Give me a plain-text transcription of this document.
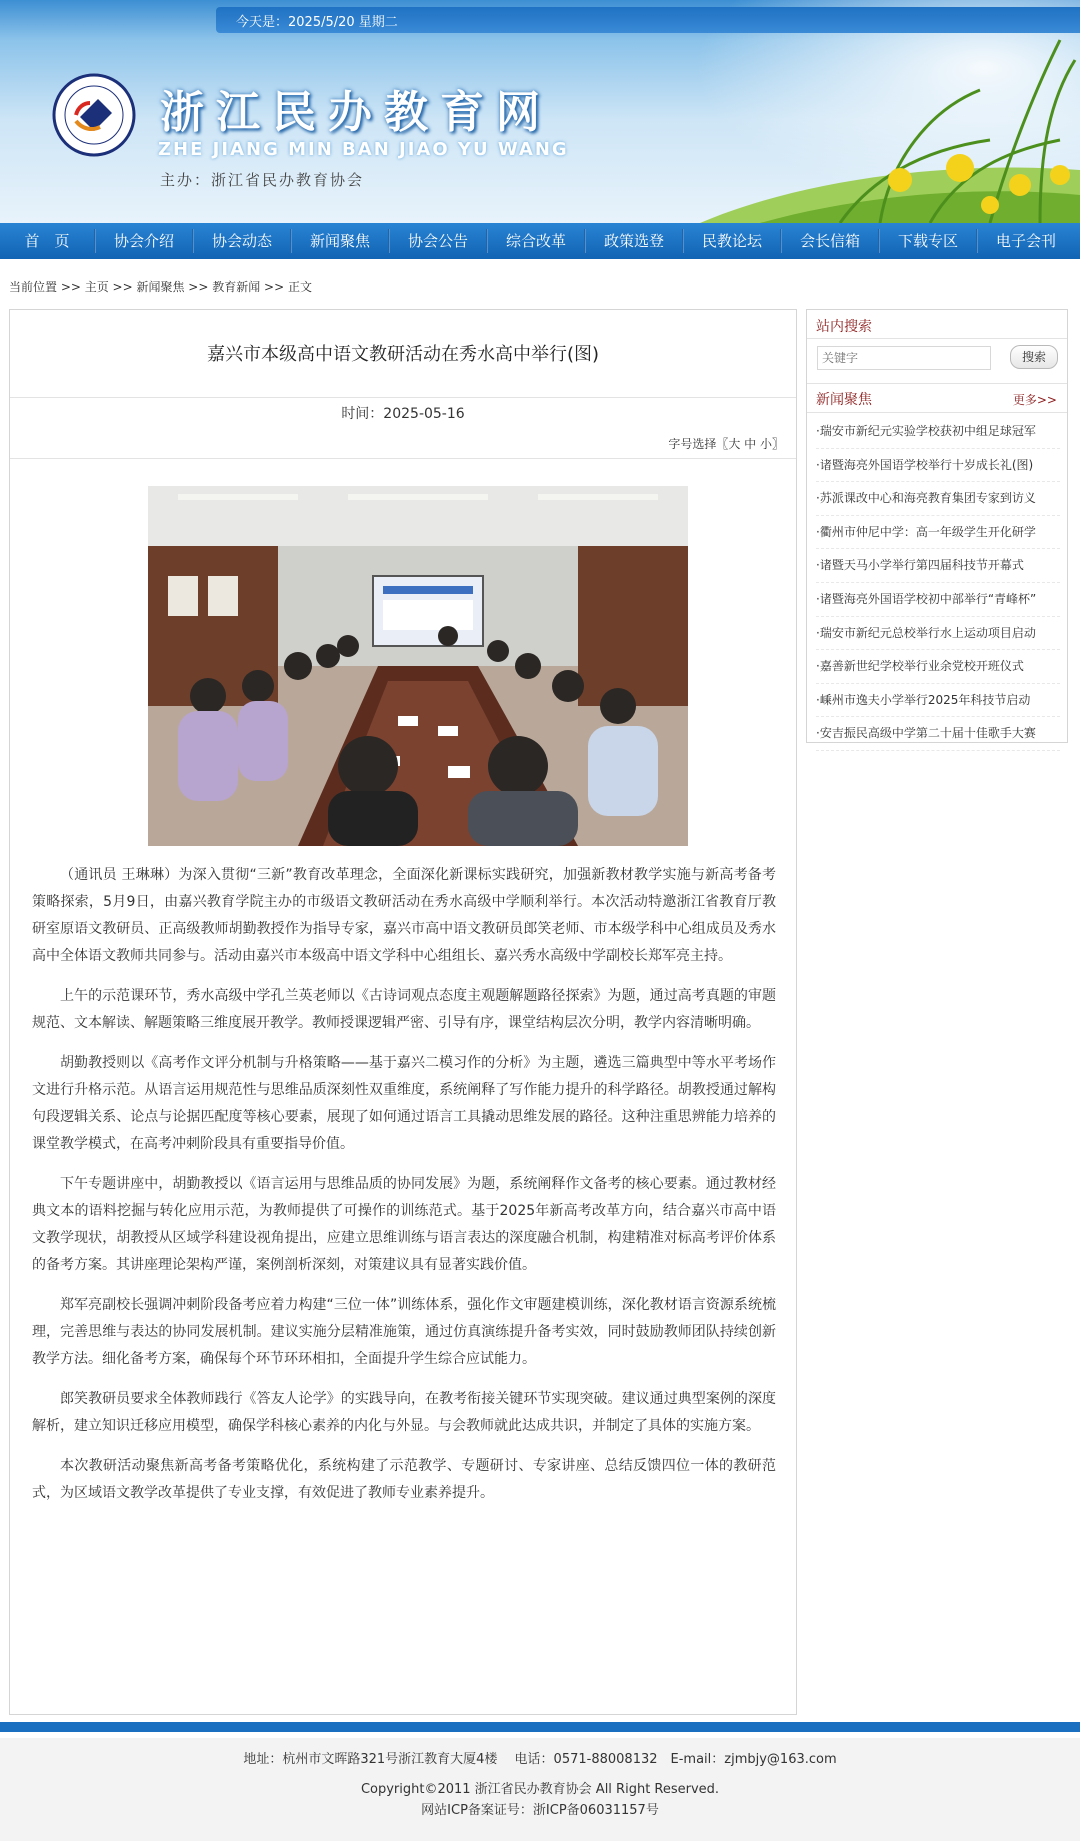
今天是：2025/5/20 星期二
浙江民办教育网
ZHE JIANG MIN BAN JIAO YU WANG
主办：浙江省民办教育协会
首　页	协会介绍	协会动态	新闻聚焦	协会公告	综合改革	政策选登	民教论坛	会长信箱	下载专区	电子会刊
当前位置 >> 主页 >> 新闻聚焦 >> 教育新闻 >> 正文
嘉兴市本级高中语文教研活动在秀水高中举行(图)
时间：2025-05-16
字号选择〖大 中 小〗

（通讯员 王琳琳）为深入贯彻“三新”教育改革理念，全面深化新课标实践研究，加强新教材教学实施与新高考备考策略探索，5月9日，由嘉兴教育学院主办的市级语文教研活动在秀水高级中学顺利举行。本次活动特邀浙江省教育厅教研室原语文教研员、正高级教师胡勤教授作为指导专家，嘉兴市高中语文教研员郎笑老师、市本级学科中心组成员及秀水高中全体语文教师共同参与。活动由嘉兴市本级高中语文学科中心组组长、嘉兴秀水高级中学副校长郑军亮主持。

上午的示范课环节，秀水高级中学孔兰英老师以《古诗词观点态度主观题解题路径探索》为题，通过高考真题的审题规范、文本解读、解题策略三维度展开教学。教师授课逻辑严密、引导有序，课堂结构层次分明，教学内容清晰明确。

胡勤教授则以《高考作文评分机制与升格策略——基于嘉兴二模习作的分析》为主题，遴选三篇典型中等水平考场作文进行升格示范。从语言运用规范性与思维品质深刻性双重维度，系统阐释了写作能力提升的科学路径。胡教授通过解构句段逻辑关系、论点与论据匹配度等核心要素，展现了如何通过语言工具撬动思维发展的路径。这种注重思辨能力培养的课堂教学模式，在高考冲刺阶段具有重要指导价值。

下午专题讲座中，胡勤教授以《语言运用与思维品质的协同发展》为题，系统阐释作文备考的核心要素。通过教材经典文本的语料挖掘与转化应用示范，为教师提供了可操作的训练范式。基于2025年新高考改革方向，结合嘉兴市高中语文教学现状，胡教授从区域学科建设视角提出，应建立思维训练与语言表达的深度融合机制，构建精准对标高考评价体系的备考方案。其讲座理论架构严谨，案例剖析深刻，对策建议具有显著实践价值。

郑军亮副校长强调冲刺阶段备考应着力构建“三位一体”训练体系，强化作文审题建模训练，深化教材语言资源系统梳理，完善思维与表达的协同发展机制。建议实施分层精准施策，通过仿真演练提升备考实效，同时鼓励教师团队持续创新教学方法。细化备考方案，确保每个环节环环相扣，全面提升学生综合应试能力。

郎笑教研员要求全体教师践行《答友人论学》的实践导向，在教考衔接关键环节实现突破。建议通过典型案例的深度解析，建立知识迁移应用模型，确保学科核心素养的内化与外显。与会教师就此达成共识，并制定了具体的实施方案。

本次教研活动聚焦新高考备考策略优化，系统构建了示范教学、专题研讨、专家讲座、总结反馈四位一体的教研范式，为区域语文教学改革提供了专业支撑，有效促进了教师专业素养提升。

站内搜索
关键字
搜索
新闻聚焦	更多>>
·瑞安市新纪元实验学校获初中组足球冠军
·诸暨海亮外国语学校举行十岁成长礼(图)
·苏派课改中心和海亮教育集团专家到访义
·衢州市仲尼中学：高一年级学生开化研学
·诸暨天马小学举行第四届科技节开幕式
·诸暨海亮外国语学校初中部举行“青峰杯”
·瑞安市新纪元总校举行水上运动项目启动
·嘉善新世纪学校举行业余党校开班仪式
·嵊州市逸夫小学举行2025年科技节启动
·安吉振民高级中学第二十届十佳歌手大赛
地址：杭州市文晖路321号浙江教育大厦4楼　 电话：0571-88008132　E-mail：zjmbjy@163.com
Copyright©2011 浙江省民办教育协会 All Right Reserved.
网站ICP备案证号：浙ICP备06031157号
